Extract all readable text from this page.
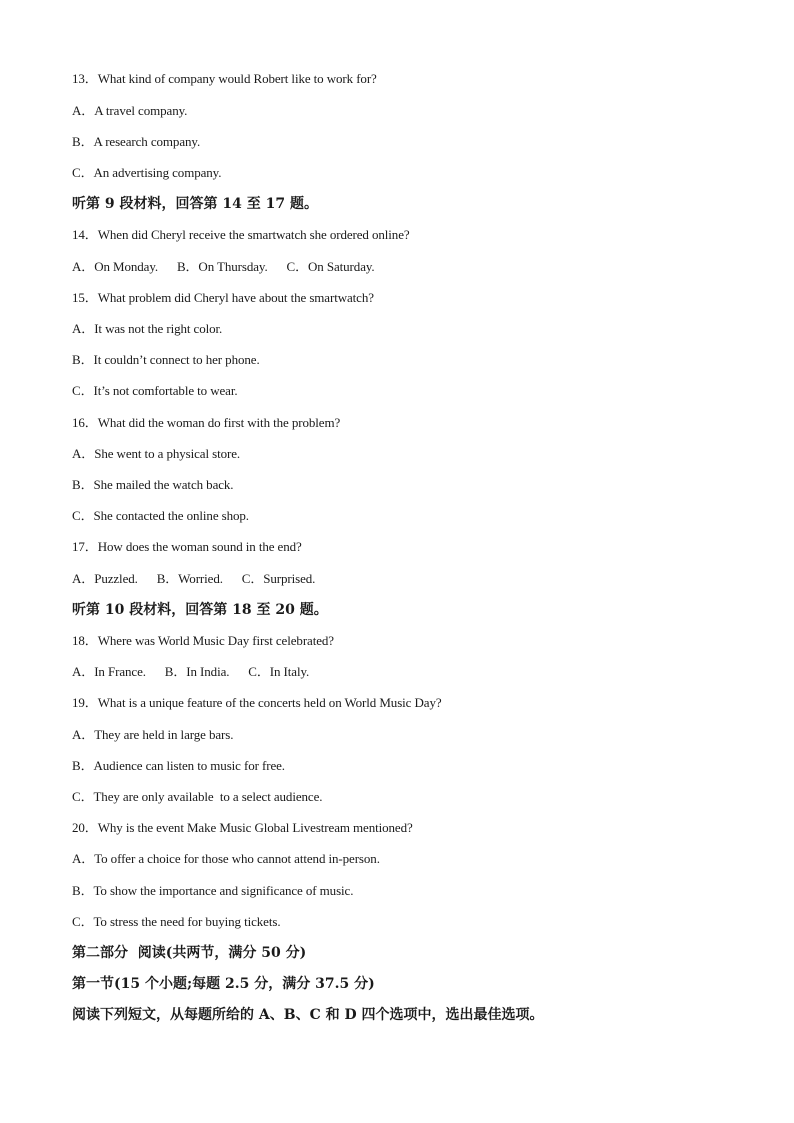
13．What kind of company would Robert like to work for?
A．A travel company.
B．A research company.
C．An advertising company.
听第 9 段材料，回答第 14 至 17 题。
14．When did Cheryl receive the smartwatch she ordered online?
A．On Monday.      B．On Thursday.      C．On Saturday.
15．What problem did Cheryl have about the smartwatch?
A．It was not the right color.
B．It couldn’t connect to her phone.
C．It’s not comfortable to wear.
16．What did the woman do first with the problem?
A．She went to a physical store.
B．She mailed the watch back.
C．She contacted the online shop.
17．How does the woman sound in the end?
A．Puzzled.      B．Worried.      C．Surprised.
听第 10 段材料，回答第 18 至 20 题。
18．Where was World Music Day first celebrated?
A．In France.      B．In India.      C．In Italy.
19．What is a unique feature of the concerts held on World Music Day?
A．They are held in large bars.
B．Audience can listen to music for free.
C．They are only available  to a select audience.
20．Why is the event Make Music Global Livestream mentioned?
A．To offer a choice for those who cannot attend in-person.
B．To show the importance and significance of music.
C．To stress the need for buying tickets.
第二部分  阅读(共两节，满分 50 分)
第一节(15 个小题;每题 2.5 分，满分 37.5 分)
阅读下列短文，从每题所给的 A、B、C 和 D 四个选项中，选出最佳选项。
